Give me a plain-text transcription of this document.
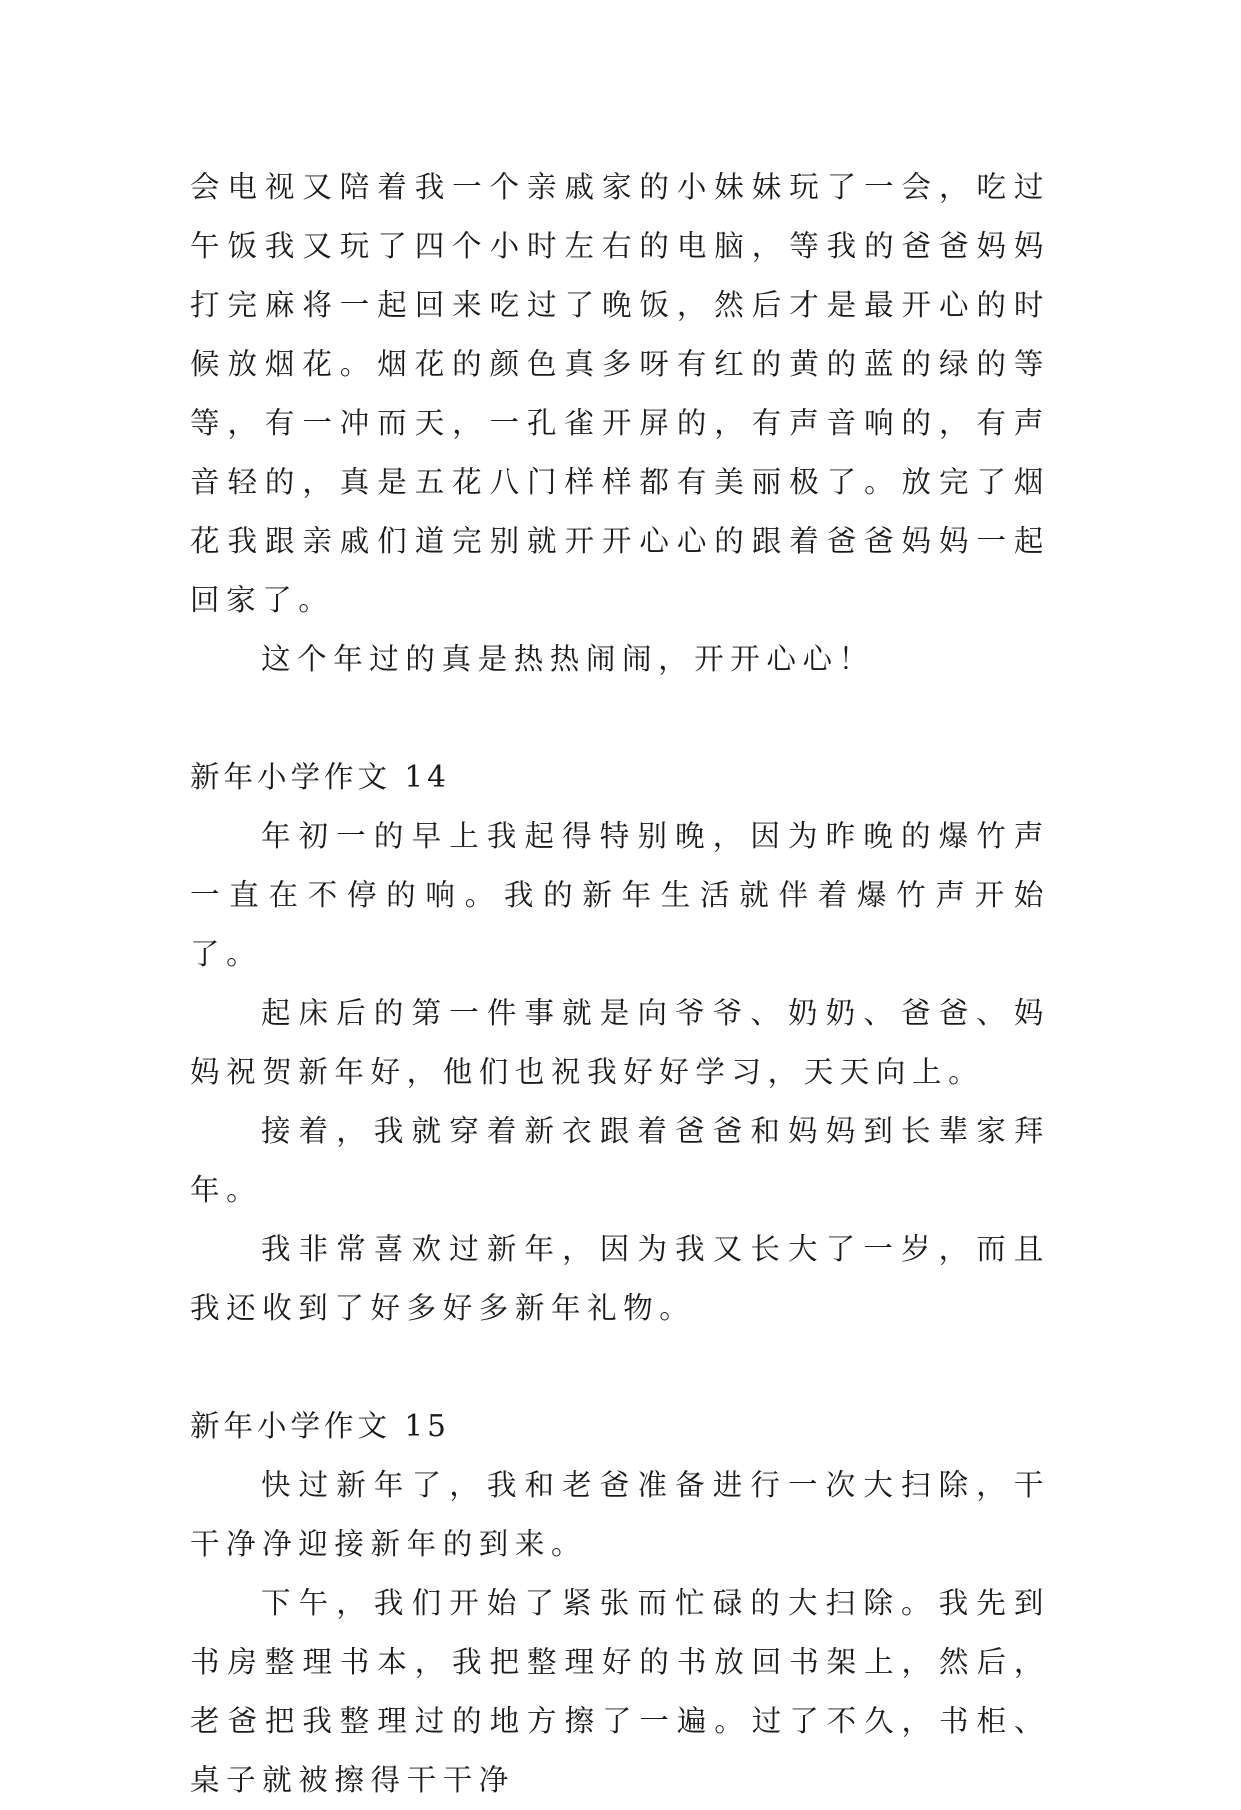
会电视又陪着我一个亲戚家的小妹妹玩了一会，吃过午饭我又玩了四个小时左右的电脑，等我的爸爸妈妈打完麻将一起回来吃过了晚饭，然后才是最开心的时候放烟花。烟花的颜色真多呀有红的黄的蓝的绿的等等，有一冲而天，一孔雀开屏的，有声音响的，有声音轻的，真是五花八门样样都有美丽极了。放完了烟花我跟亲戚们道完别就开开心心的跟着爸爸妈妈一起回家了。

这个年过的真是热热闹闹，开开心心！

新年小学作文 14

年初一的早上我起得特别晚，因为昨晚的爆竹声一直在不停的响。我的新年生活就伴着爆竹声开始了。

起床后的第一件事就是向爷爷、奶奶、爸爸、妈妈祝贺新年好，他们也祝我好好学习，天天向上。

接着，我就穿着新衣跟着爸爸和妈妈到长辈家拜年。

我非常喜欢过新年，因为我又长大了一岁，而且我还收到了好多好多新年礼物。

新年小学作文 15

快过新年了，我和老爸准备进行一次大扫除，干干净净迎接新年的到来。

下午，我们开始了紧张而忙碌的大扫除。我先到书房整理书本，我把整理好的书放回书架上，然后，老爸把我整理过的地方擦了一遍。过了不久，书柜、桌子就被擦得干干净
